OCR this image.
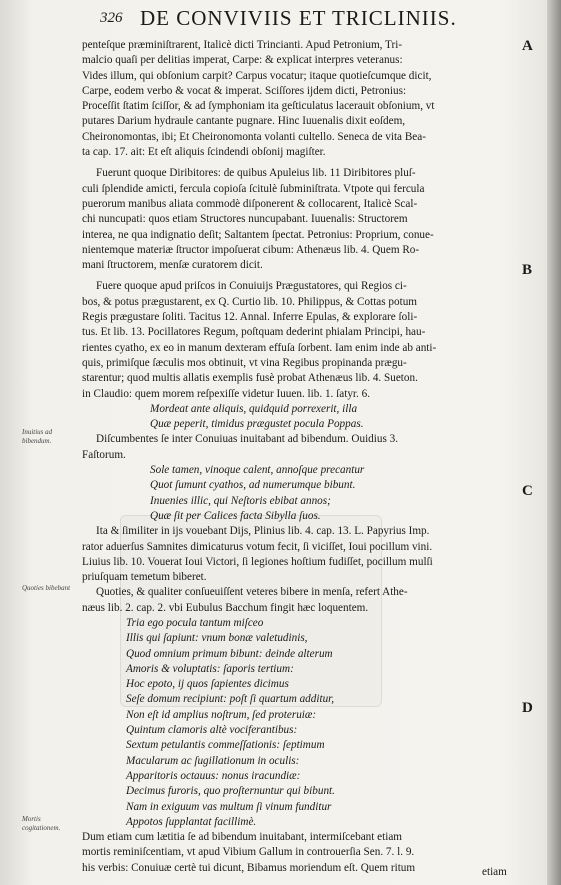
326 DE CONVIVIIS ET TRICLINIIS.
A
B
C
D
Inuitius ad bibendum.
Quoties bibebant
Mortis cogitationem.

penteſque præminiſtrarent, Italicè dicti Trincianti. Apud Petronium, Tri-

malcio quaſi per delitias imperat, Carpe: & explicat interpres veteranus:

Vides illum, qui obſonium carpit? Carpus vocatur; itaque quotieſcumque dicit,

Carpe, eodem verbo & vocat & imperat. Sciſſores ijdem dicti, Petronius:

Proceſſit ſtatim ſciſſor, & ad ſymphoniam ita geſticulatus lacerauit obſonium, vt

putares Darium hydraule cantante pugnare. Hinc Iuuenalis dixit eoſdem,

Cheironomontas, ibi; Et Cheironomonta volanti cultello. Seneca de vita Bea-

ta cap. 17. ait: Et eſt aliquis ſcindendi obſonij magiſter.

Fuerunt quoque Diribitores: de quibus Apuleius lib. 11 Diribitores pluſ-

culi ſplendide amicti, fercula copioſa ſcitulè ſubminiſtrata. Vtpote qui fercula

puerorum manibus aliata commodè diſponerent & collocarent, Italicè Scal-

chi nuncupati: quos etiam Structores nuncupabant. Iuuenalis: Structorem

interea, ne qua indignatio deſit; Saltantem ſpectat. Petronius: Proprium, conue-

nientemque materiæ ſtructor impoſuerat cibum: Athenæus lib. 4. Quem Ro-

mani ſtructorem, menſæ curatorem dicit.

Fuere quoque apud priſcos in Conuiuijs Prægustatores, qui Regios ci-

bos, & potus prægustarent, ex Q. Curtio lib. 10. Philippus, & Cottas potum

Regis prægustare ſoliti. Tacitus 12. Annal. Inferre Epulas, & explorare ſoli-

tus. Et lib. 13. Pocillatores Regum, poſtquam dederint phialam Principi, hau-

rientes cyatho, ex eo in manum dexteram effuſa ſorbent. Iam enim inde ab anti-

quis, primiſque ſæculis mos obtinuit, vt vina Regibus propinanda prægu-

starentur; quod multis allatis exemplis fusè probat Athenæus lib. 4. Sueton.

in Claudio: quem morem reſpexiſſe videtur Iuuen. lib. 1. ſatyr. 6.

Mordeat ante aliquis, quidquid porrexerit, illa

Quæ peperit, timidus prægustet pocula Poppas.

Diſcumbentes ſe inter Conuiuas inuitabant ad bibendum. Ouidius 3.

Faſtorum.

Sole tamen, vinoque calent, annoſque precantur

Quot ſumunt cyathos, ad numerumque bibunt.

Inuenies illic, qui Neſtoris ebibat annos;

Quæ ſit per Calices facta Sibylla ſuos.

Ita & ſimiliter in ijs vouebant Dijs, Plinius lib. 4. cap. 13. L. Papyrius Imp.

rator aduerſus Samnites dimicaturus votum fecit, ſi viciſſet, Ioui pocillum vini.

Liuius lib. 10. Vouerat Ioui Victori, ſi legiones hoſtium fudiſſet, pocillum mulſi

priuſquam temetum biberet.

Quoties, & qualiter conſueuiſſent veteres bibere in menſa, refert Athe-

næus lib. 2. cap. 2. vbi Eubulus Bacchum fingit hæc loquentem.

Tria ego pocula tantum miſceo

Illis qui ſapiunt: vnum bonæ valetudinis,

Quod omnium primum bibunt: deinde alterum

Amoris & voluptatis: ſaporis tertium:

Hoc epoto, ij quos ſapientes dicimus

Seſe domum recipiunt: poſt ſi quartum additur,

Non eſt id amplius noſtrum, ſed proteruiæ:

Quintum clamoris altè vociferantibus:

Sextum petulantis commeſſationis: ſeptimum

Macularum ac ſugillationum in oculis:

Apparitoris octauus: nonus iracundiæ:

Decimus furoris, quo proſternuntur qui bibunt.

Nam in exiguum vas multum ſi vinum funditur

Appotos ſupplantat facillimè.

Dum etiam cum lætitia ſe ad bibendum inuitabant, intermiſcebant etiam

mortis reminiſcentiam, vt apud Vibium Gallum in controuerſia Sen. 7. l. 9.

his verbis: Conuiuæ certè tui dicunt, Bibamus moriendum eſt. Quem ritum	etiam
